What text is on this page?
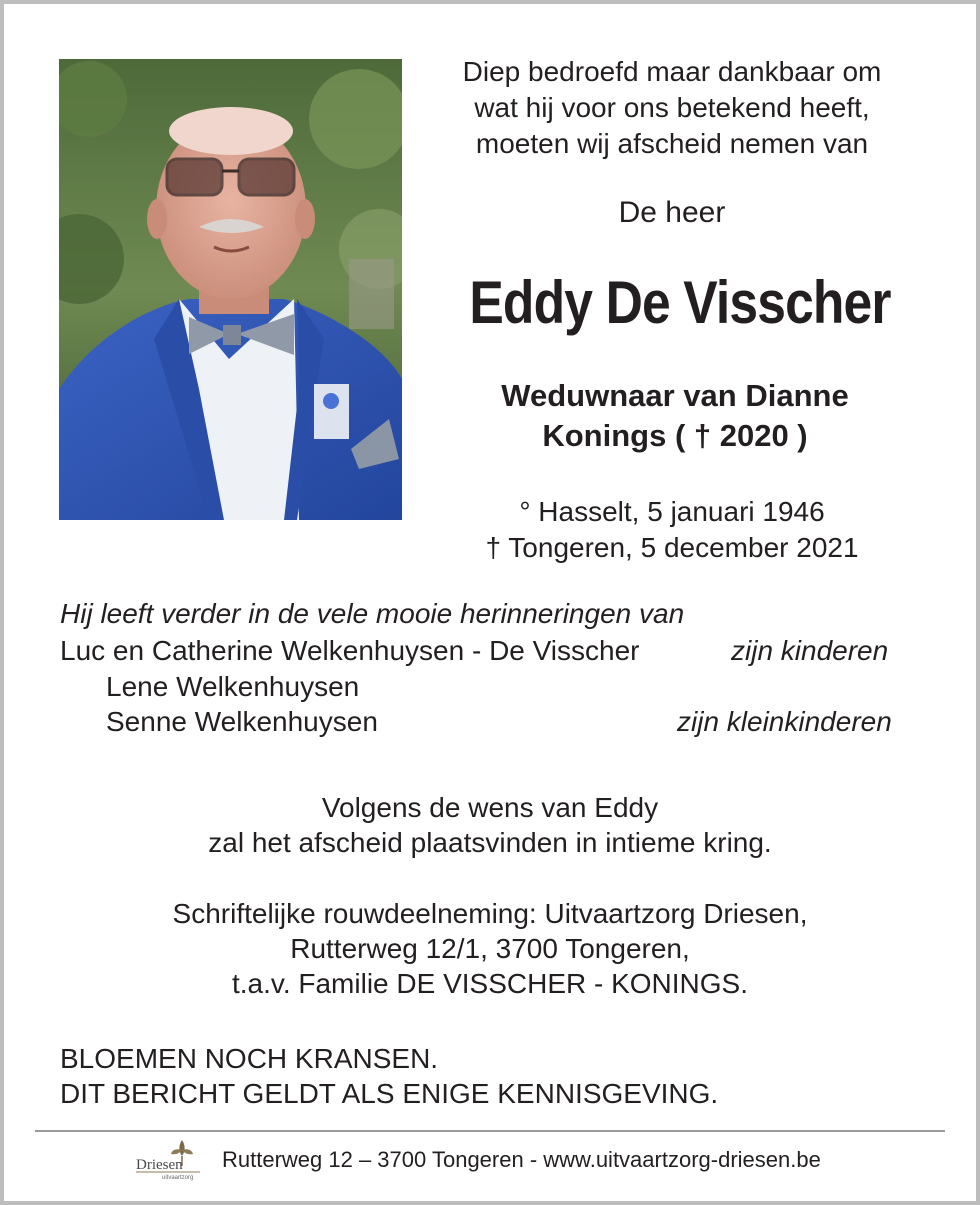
Diep bedroefd maar dankbaar om
wat hij voor ons betekend heeft,
moeten wij afscheid nemen van
De heer
Eddy De Visscher
Weduwnaar van Dianne
Konings ( † 2020 )
° Hasselt, 5 januari 1946
† Tongeren, 5 december 2021
Hij leeft verder in de vele mooie herinneringen van
Luc en Catherine Welkenhuysen - De Visscher	zijn kinderen
Lene Welkenhuysen
Senne Welkenhuysen	zijn kleinkinderen
Volgens de wens van Eddy
zal het afscheid plaatsvinden in intieme kring.
Schriftelijke rouwdeelneming: Uitvaartzorg Driesen,
Rutterweg 12/1, 3700 Tongeren,
t.a.v. Familie DE VISSCHER - KONINGS.
BLOEMEN NOCH KRANSEN.
DIT BERICHT GELDT ALS ENIGE KENNISGEVING.
Driesen
uitvaartzorg
Rutterweg 12 – 3700 Tongeren - www.uitvaartzorg-driesen.be
